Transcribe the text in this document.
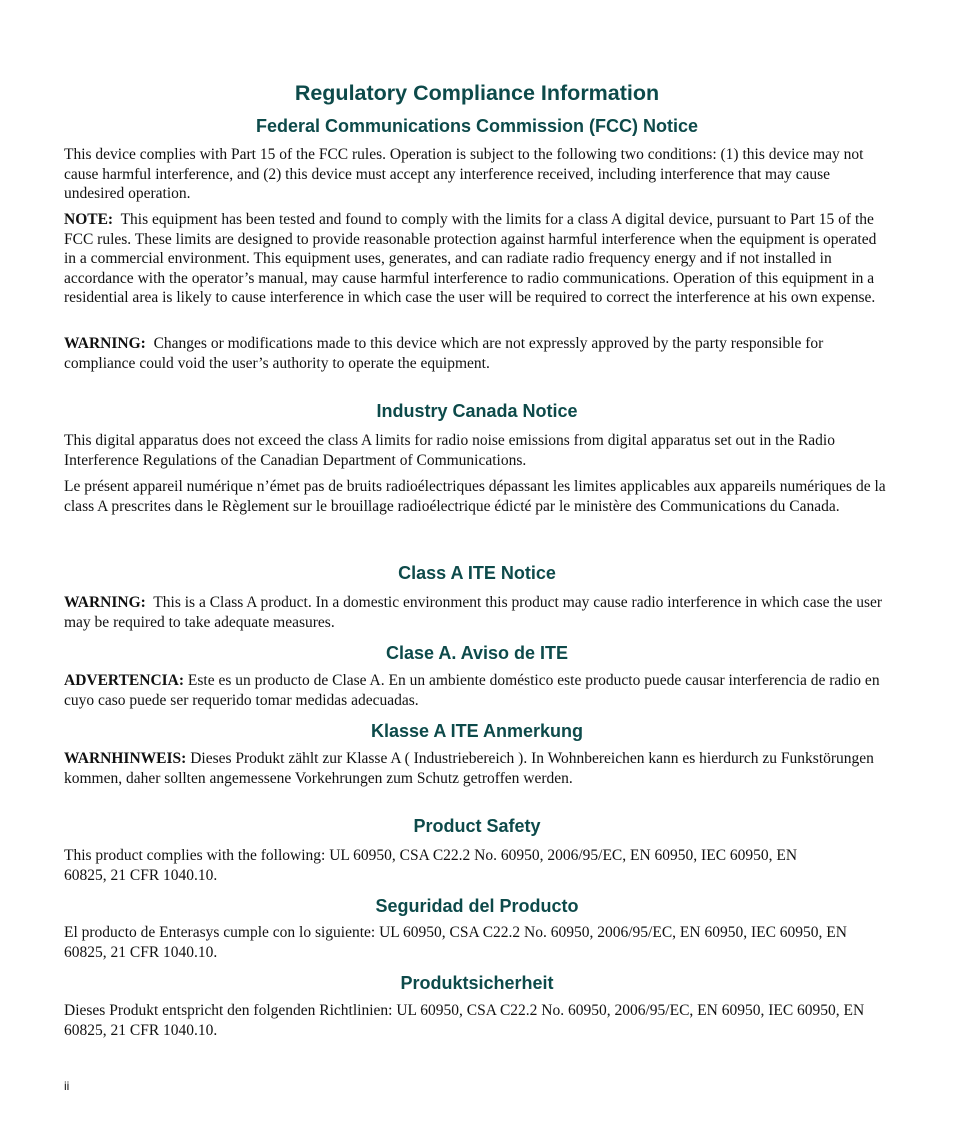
Regulatory Compliance Information
Federal Communications Commission (FCC) Notice

This device complies with Part 15 of the FCC rules. Operation is subject to the following two conditions: (1) this device may not cause harmful interference, and (2) this device must accept any interference received, including interference that may cause undesired operation.

NOTE: This equipment has been tested and found to comply with the limits for a class A digital device, pursuant to Part 15 of the FCC rules. These limits are designed to provide reasonable protection against harmful interference when the equipment is operated in a commercial environment. This equipment uses, generates, and can radiate radio frequency energy and if not installed in accordance with the operator’s manual, may cause harmful interference to radio communications. Operation of this equipment in a residential area is likely to cause interference in which case the user will be required to correct the interference at his own expense.

WARNING: Changes or modifications made to this device which are not expressly approved by the party responsible for compliance could void the user’s authority to operate the equipment.

Industry Canada Notice

This digital apparatus does not exceed the class A limits for radio noise emissions from digital apparatus set out in the Radio Interference Regulations of the Canadian Department of Communications.

Le présent appareil numérique n’émet pas de bruits radioélectriques dépassant les limites applicables aux appareils numériques de la class A prescrites dans le Règlement sur le brouillage radioélectrique édicté par le ministère des Communications du Canada.

Class A ITE Notice

WARNING: This is a Class A product. In a domestic environment this product may cause radio interference in which case the user may be required to take adequate measures.

Clase A. Aviso de ITE

ADVERTENCIA: Este es un producto de Clase A. En un ambiente doméstico este producto puede causar interferencia de radio en cuyo caso puede ser requerido tomar medidas adecuadas.

Klasse A ITE Anmerkung

WARNHINWEIS: Dieses Produkt zählt zur Klasse A ( Industriebereich ). In Wohnbereichen kann es hierdurch zu Funkstörungen kommen, daher sollten angemessene Vorkehrungen zum Schutz getroffen werden.

Product Safety

This product complies with the following: UL 60950, CSA C22.2 No. 60950, 2006/95/EC, EN 60950, IEC 60950, EN 60825, 21 CFR 1040.10.

Seguridad del Producto

El producto de Enterasys cumple con lo siguiente: UL 60950, CSA C22.2 No. 60950, 2006/95/EC, EN 60950, IEC 60950, EN 60825, 21 CFR 1040.10.

Produktsicherheit

Dieses Produkt entspricht den folgenden Richtlinien: UL 60950, CSA C22.2 No. 60950, 2006/95/EC, EN 60950, IEC 60950, EN 60825, 21 CFR 1040.10.

ii
